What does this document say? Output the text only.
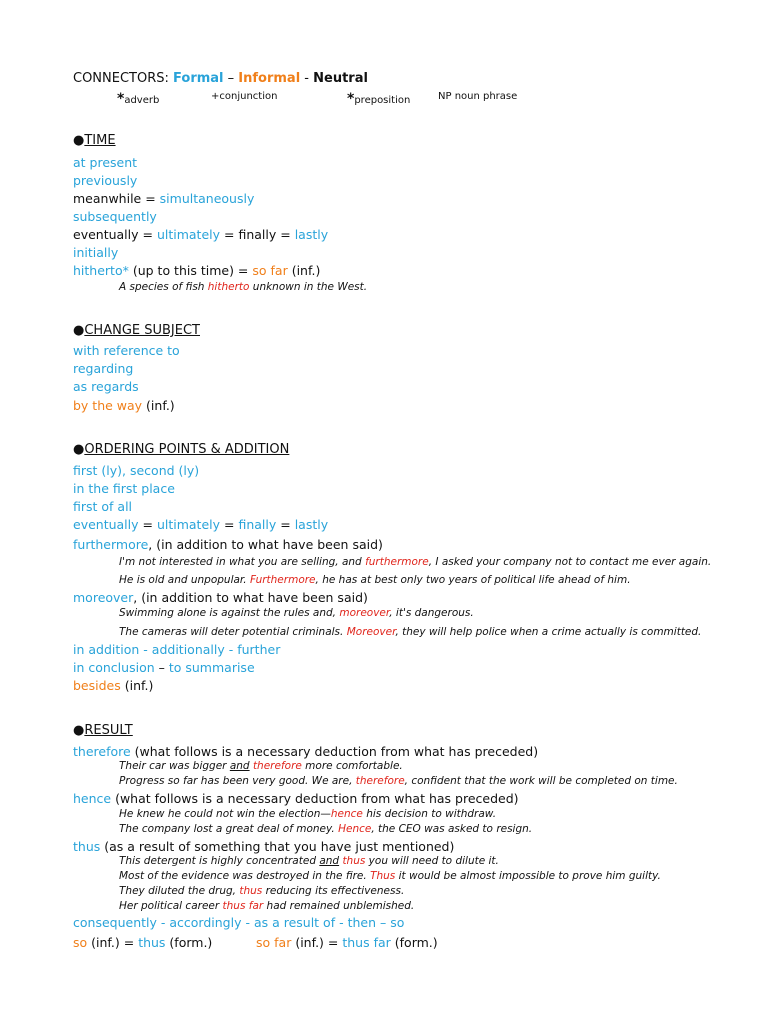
CONNECTORS: Formal – Informal - Neutral
*adverb	+conjunction	*preposition	NP noun phrase
●TIME
at present
previously
meanwhile = simultaneously
subsequently
eventually = ultimately = finally = lastly
initially
hitherto* (up to this time) = so far (inf.)
A species of fish hitherto unknown in the West.
●CHANGE SUBJECT
with reference to
regarding
as regards
by the way (inf.)
●ORDERING POINTS & ADDITION
first (ly), second (ly)
in the first place
first of all
eventually = ultimately = finally = lastly
furthermore, (in addition to what have been said)
I'm not interested in what you are selling, and furthermore, I asked your company not to contact me ever again.
He is old and unpopular. Furthermore, he has at best only two years of political life ahead of him.
moreover, (in addition to what have been said)
Swimming alone is against the rules and, moreover, it's dangerous.
The cameras will deter potential criminals. Moreover, they will help police when a crime actually is committed.
in addition - additionally - further
in conclusion – to summarise
besides (inf.)
●RESULT
therefore (what follows is a necessary deduction from what has preceded)
Their car was bigger and therefore more comfortable.
Progress so far has been very good. We are, therefore, confident that the work will be completed on time.
hence (what follows is a necessary deduction from what has preceded)
He knew he could not win the election—hence his decision to withdraw.
The company lost a great deal of money. Hence, the CEO was asked to resign.
thus (as a result of something that you have just mentioned)
This detergent is highly concentrated and thus you will need to dilute it.
Most of the evidence was destroyed in the fire. Thus it would be almost impossible to prove him guilty.
They diluted the drug, thus reducing its effectiveness.
Her political career thus far had remained unblemished.
consequently - accordingly - as a result of - then – so
so (inf.) = thus (form.)	so far (inf.) = thus far (form.)
